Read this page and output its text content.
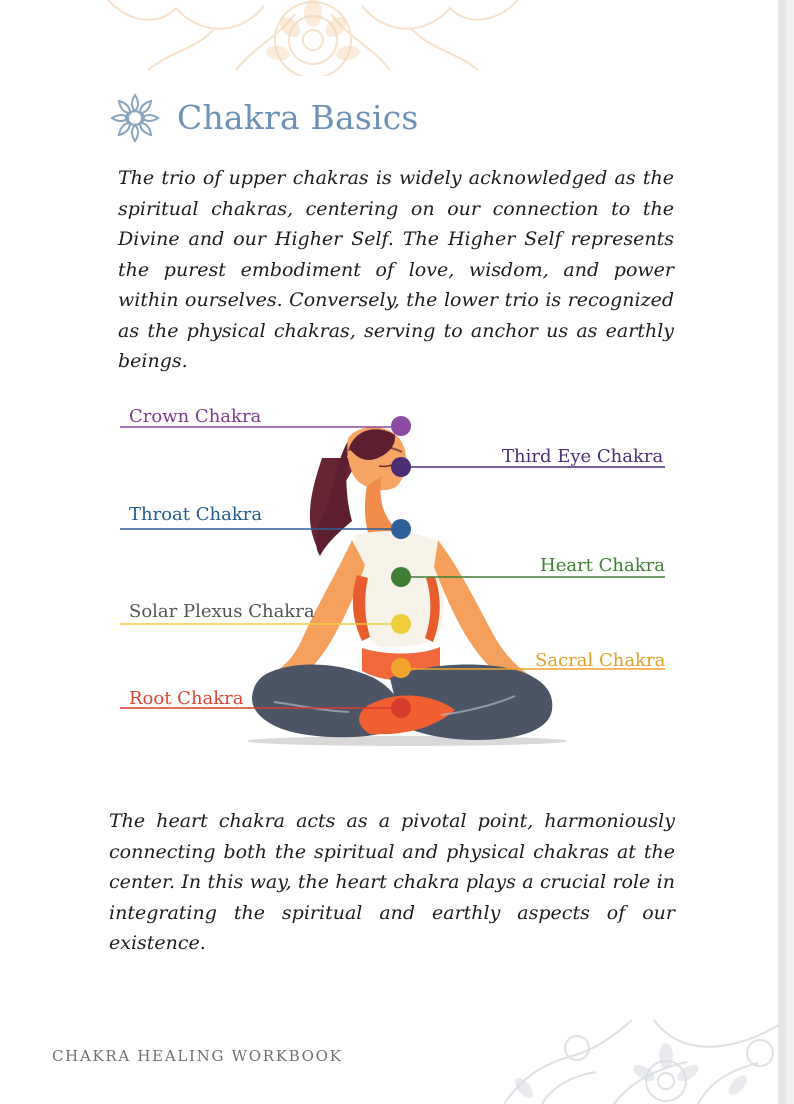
Chakra Basics

The trio of upper chakras is widely acknowledged as the spiritual chakras, centering on our connection to the Divine and our Higher Self. The Higher Self represents the purest embodiment of love, wisdom, and power within ourselves. Conversely, the lower trio is recognized as the physical chakras, serving to anchor us as earthly beings.

Crown Chakra
Third Eye Chakra
Throat Chakra
Heart Chakra
Solar Plexus Chakra
Sacral Chakra
Root Chakra

The heart chakra acts as a pivotal point, harmoniously connecting both the spiritual and physical chakras at the center. In this way, the heart chakra plays a crucial role in integrating the spiritual and earthly aspects of our existence.

CHAKRA HEALING WORKBOOK
